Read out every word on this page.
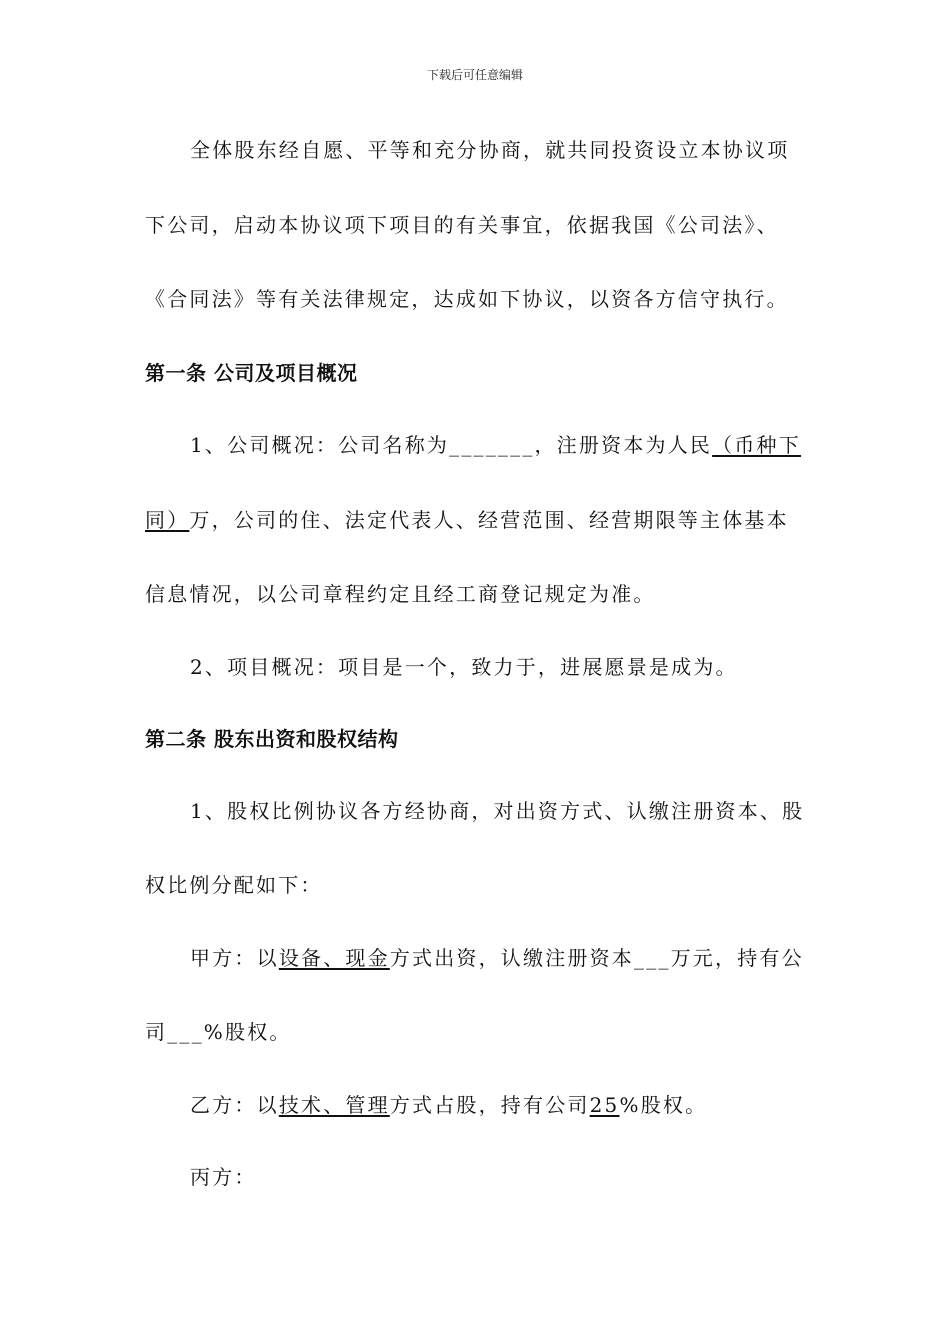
下载后可任意编辑
全体股东经自愿、平等和充分协商，就共同投资设立本协议项
下公司，启动本协议项下项目的有关事宜，依据我国《公司法》、
《合同法》等有关法律规定，达成如下协议，以资各方信守执行。
第一条 公司及项目概况
1、公司概况：公司名称为_______，注册资本为人民（币种下
同）万，公司的住、法定代表人、经营范围、经营期限等主体基本
信息情况，以公司章程约定且经工商登记规定为准。
2、项目概况：项目是一个，致力于，进展愿景是成为。
第二条 股东出资和股权结构
1、股权比例协议各方经协商，对出资方式、认缴注册资本、股
权比例分配如下：
甲方：以设备、现金方式出资，认缴注册资本___万元，持有公
司___%股权。
乙方：以技术、管理方式占股，持有公司25%股权。
丙方：
